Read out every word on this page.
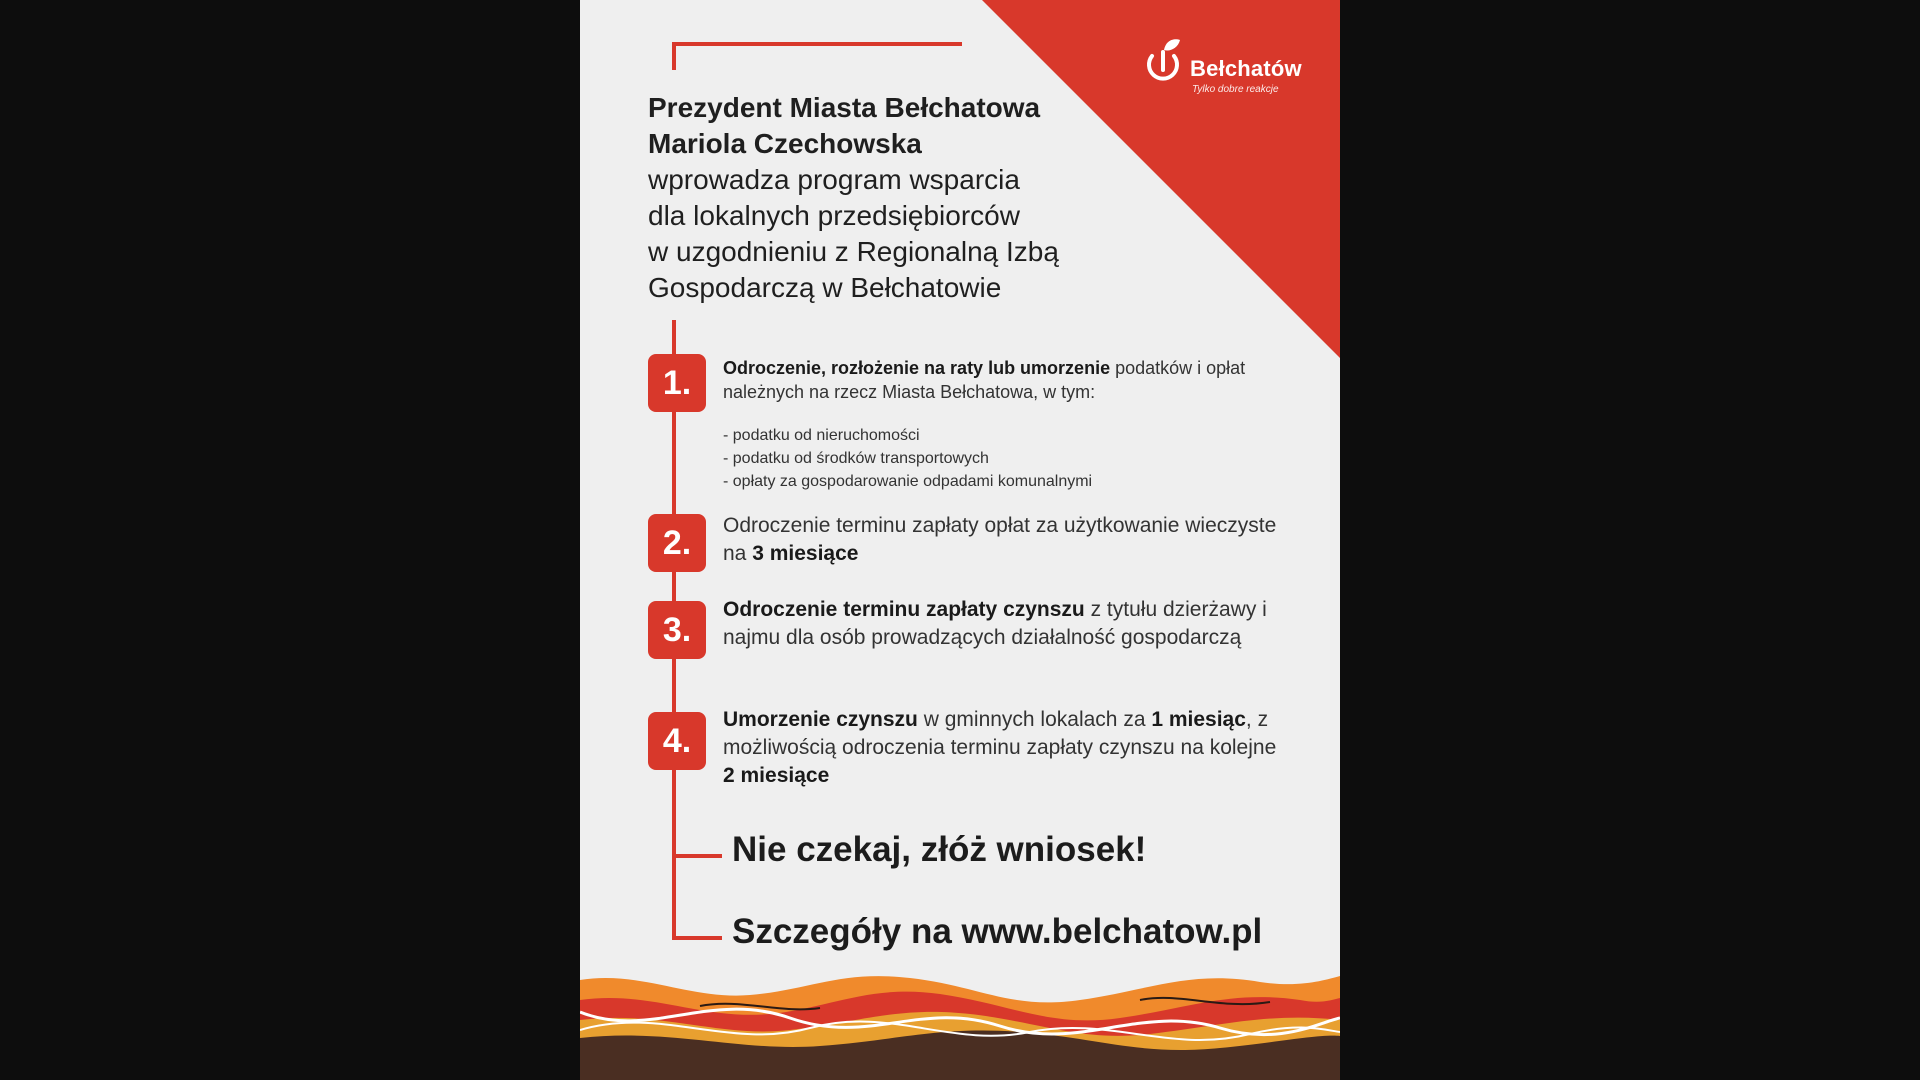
Bełchatów
Tylko dobre reakcje
Prezydent Miasta Bełchatowa
Mariola Czechowska
wprowadza program wsparcia
dla lokalnych przedsiębiorców
w uzgodnieniu z Regionalną Izbą
Gospodarczą w Bełchatowie
1.	Odroczenie, rozłożenie na raty lub umorzenie podatków i opłat należnych na rzecz Miasta Bełchatowa, w tym:
- podatku od nieruchomości
- podatku od środków transportowych
- opłaty za gospodarowanie odpadami komunalnymi
2.	Odroczenie terminu zapłaty opłat za użytkowanie wieczyste na 3 miesiące
3.
Odroczenie terminu zapłaty czynszu z tytułu dzierżawy i najmu dla osób prowadzących działalność gospodarczą
4.
Umorzenie czynszu w gminnych lokalach za 1 miesiąc, z możliwością odroczenia terminu zapłaty czynszu na kolejne 2 miesiące
Nie czekaj, złóż wniosek!
Szczegóły na www.belchatow.pl
